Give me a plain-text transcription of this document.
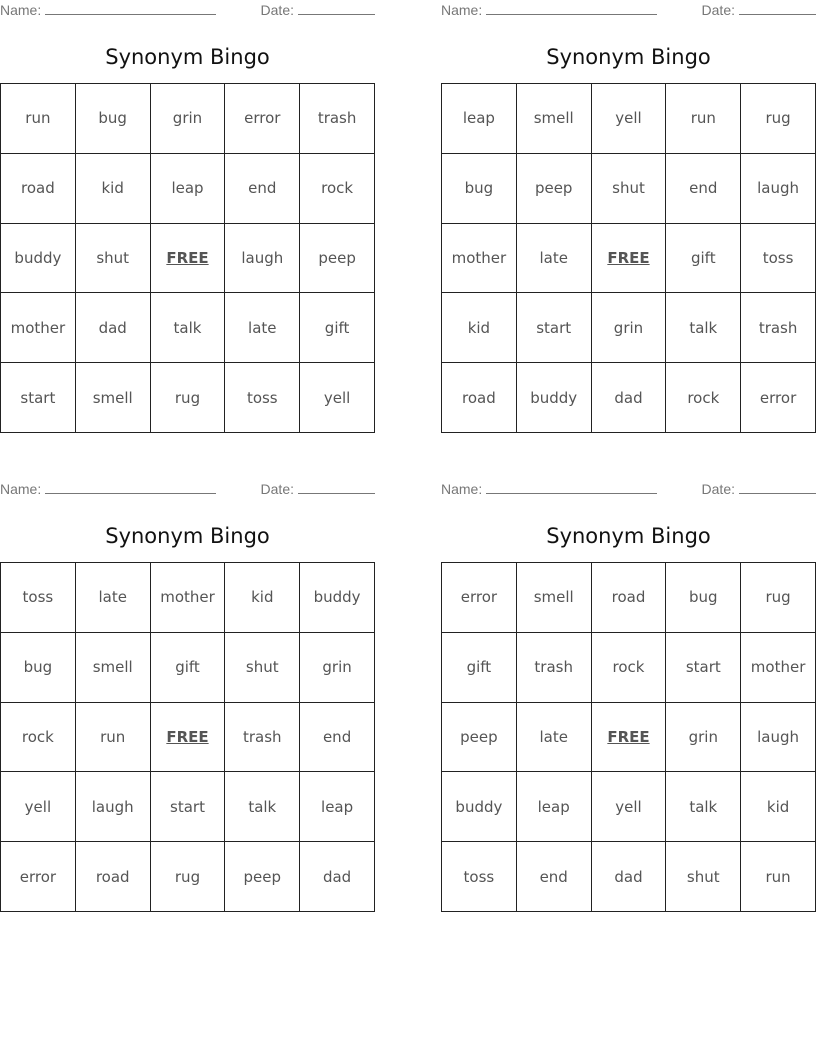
Name:	Date:
Synonym Bingo
run	bug	grin	error	trash
road	kid	leap	end	rock
buddy	shut	FREE	laugh	peep
mother	dad	talk	late	gift
start	smell	rug	toss	yell
Name:	Date:
Synonym Bingo
leap	smell	yell	run	rug
bug	peep	shut	end	laugh
mother	late	FREE	gift	toss
kid	start	grin	talk	trash
road	buddy	dad	rock	error
Name:	Date:
Synonym Bingo
toss	late	mother	kid	buddy
bug	smell	gift	shut	grin
rock	run	FREE	trash	end
yell	laugh	start	talk	leap
error	road	rug	peep	dad
Name:	Date:
Synonym Bingo
error	smell	road	bug	rug
gift	trash	rock	start	mother
peep	late	FREE	grin	laugh
buddy	leap	yell	talk	kid
toss	end	dad	shut	run
